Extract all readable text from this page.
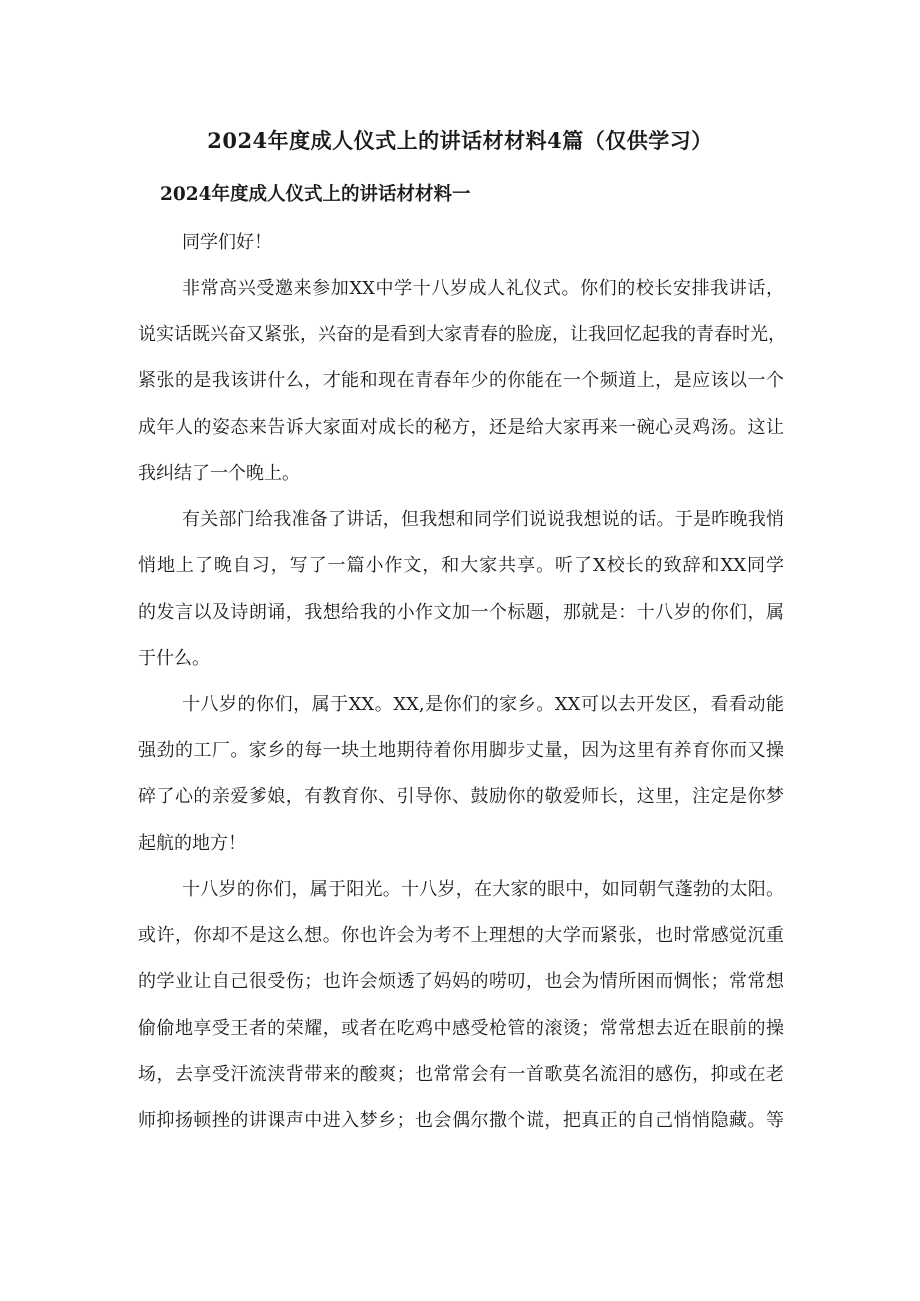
2024年度成人仪式上的讲话材材料4篇（仅供学习）
2024年度成人仪式上的讲话材材料一
同学们好！
非常高兴受邀来参加XX中学十八岁成人礼仪式。你们的校长安排我讲话，
说实话既兴奋又紧张，兴奋的是看到大家青春的脸庞，让我回忆起我的青春时光，
紧张的是我该讲什么，才能和现在青春年少的你能在一个频道上，是应该以一个
成年人的姿态来告诉大家面对成长的秘方，还是给大家再来一碗心灵鸡汤。这让
我纠结了一个晚上。
有关部门给我准备了讲话，但我想和同学们说说我想说的话。于是昨晚我悄
悄地上了晚自习，写了一篇小作文，和大家共享。听了X校长的致辞和XX同学
的发言以及诗朗诵，我想给我的小作文加一个标题，那就是：十八岁的你们，属
于什么。
十八岁的你们，属于XX。XX,是你们的家乡。XX可以去开发区，看看动能
强劲的工厂。家乡的每一块土地期待着你用脚步丈量，因为这里有养育你而又操
碎了心的亲爱爹娘，有教育你、引导你、鼓励你的敬爱师长，这里，注定是你梦
起航的地方！
十八岁的你们，属于阳光。十八岁，在大家的眼中，如同朝气蓬勃的太阳。
或许，你却不是这么想。你也许会为考不上理想的大学而紧张，也时常感觉沉重
的学业让自己很受伤；也许会烦透了妈妈的唠叨，也会为情所困而惆怅；常常想
偷偷地享受王者的荣耀，或者在吃鸡中感受枪管的滚烫；常常想去近在眼前的操
场，去享受汗流浃背带来的酸爽；也常常会有一首歌莫名流泪的感伤，抑或在老
师抑扬顿挫的讲课声中进入梦乡；也会偶尔撒个谎，把真正的自己悄悄隐藏。等
